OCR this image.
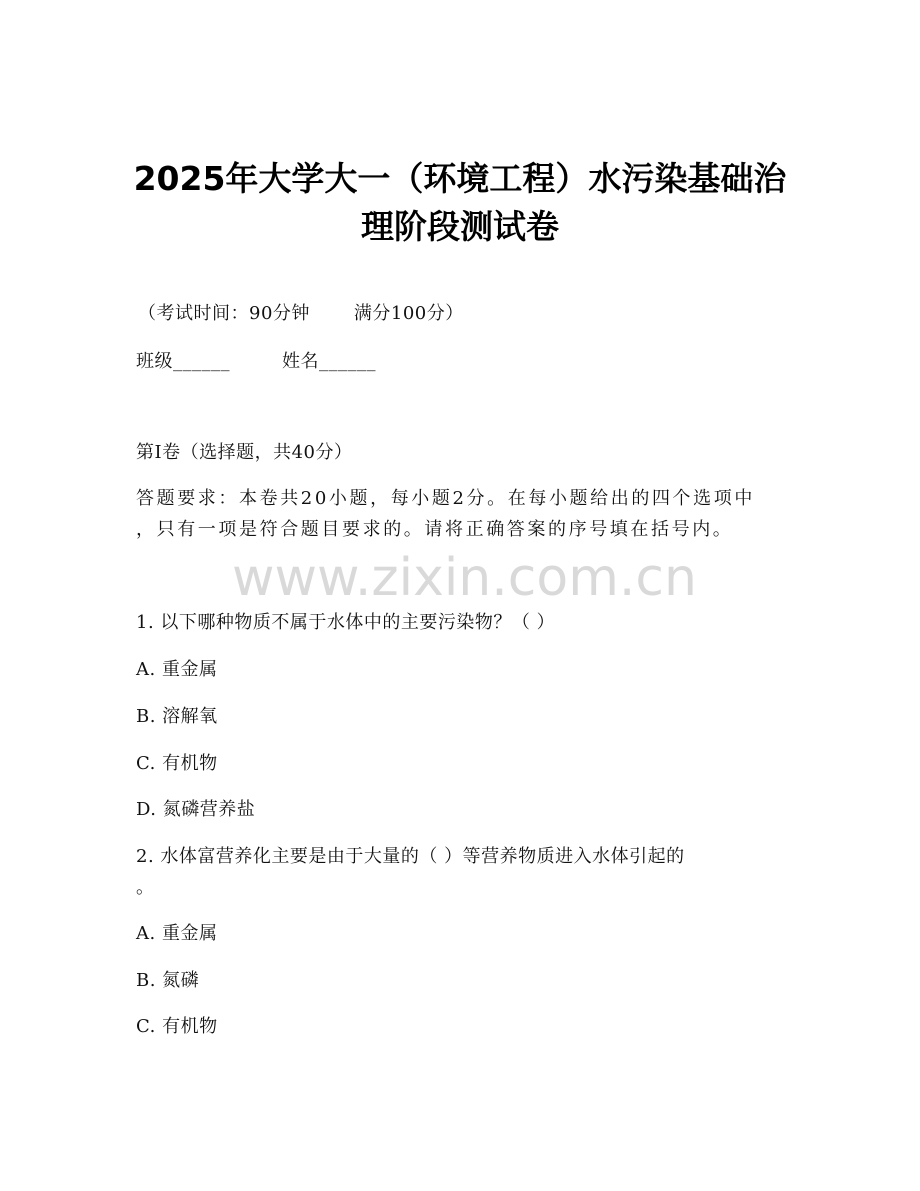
2025年大学大一（环境工程）水污染基础治
理阶段测试卷

（考试时间：90分钟 满分100分）

班级______	姓名______

第I卷（选择题，共40分）

答题要求：本卷共20小题，每小题2分。在每小题给出的四个选项中

，只有一项是符合题目要求的。请将正确答案的序号填在括号内。

www.zixin.com.cn

1. 以下哪种物质不属于水体中的主要污染物？（ ）

A. 重金属

B. 溶解氧

C. 有机物

D. 氮磷营养盐

2. 水体富营养化主要是由于大量的（ ）等营养物质进入水体引起的

。

A. 重金属

B. 氮磷

C. 有机物
